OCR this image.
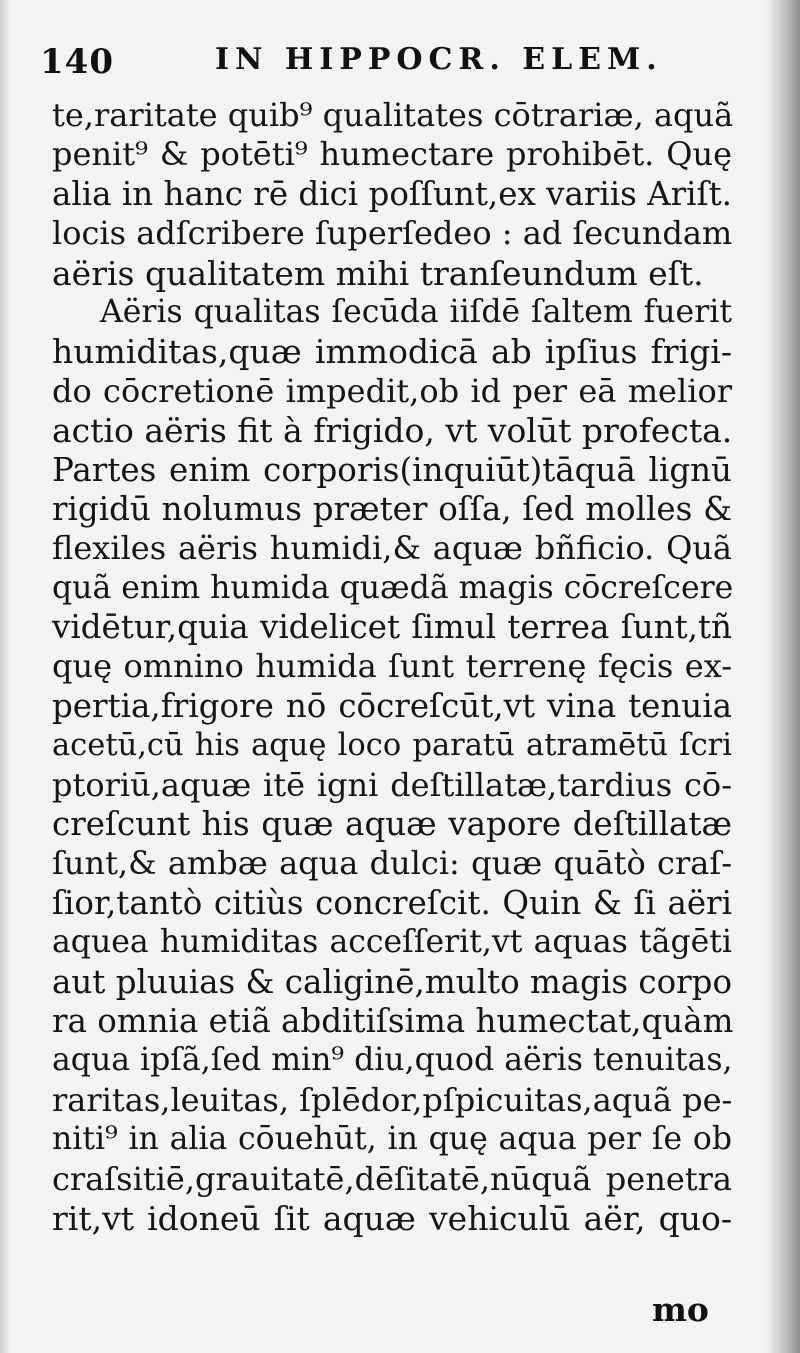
140	IN HIPPOCR. ELEM.
te,raritate quib⁹ qualitates cōtrariæ, aquã
penit⁹ & potēti⁹ humectare prohibēt. Quę
alia in hanc rē dici poſſunt,ex variis Ariſt.
locis adſcribere ſuperſedeo : ad ſecundam
aëris qualitatem mihi tranſeundum eſt.
Aëris qualitas ſecūda iiſdē ſaltem fuerit
humiditas,quæ immodicā ab ipſius frigi-
do cōcretionē impedit,ob id per eā melior
actio aëris fit à frigido, vt volūt profecta.
Partes enim corporis(inquiūt)tāquā lignū
rigidū nolumus præter oſſa, ſed molles &
flexiles aëris humidi,& aquæ bñficio. Quã
quã enim humida quædã magis cōcreſcere
vidētur,quia videlicet ſimul terrea ſunt,tñ
quę omnino humida ſunt terrenę fęcis ex-
pertia,frigore nō cōcreſcūt,vt vina tenuia
acetū,cū his aquę loco paratū atramētū ſcri
ptoriū,aquæ itē igni deſtillatæ,tardius cō-
creſcunt his quæ aquæ vapore deſtillatæ
ſunt,& ambæ aqua dulci: quæ quātò craſ-
ſior,tantò citiùs concreſcit. Quin & ſi aëri
aquea humiditas acceſſerit,vt aquas tãgēti
aut pluuias & caliginē,multo magis corpo
ra omnia etiã abditiſsima humectat,quàm
aqua ipſã,ſed min⁹ diu,quod aëris tenuitas,
raritas,leuitas, ſplēdor,pſpicuitas,aquã pe-
niti⁹ in alia cōuehūt, in quę aqua per ſe ob
craſsitiē,grauitatē,dēſitatē,nūquã penetra
rit,vt idoneū ſit aquæ vehiculū aër, quo-
mo
